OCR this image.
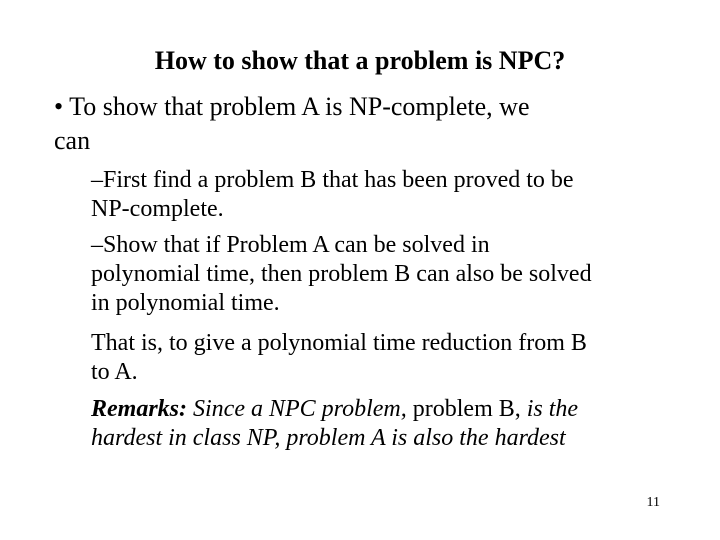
How to show that a problem is NPC?
• To show that problem A is NP-complete, we
can
–First find a problem B that has been proved to be
NP-complete.
–Show that if Problem A can be solved in
polynomial time, then problem B can also be solved
in polynomial time.
That is, to give a polynomial time reduction from B
to A.
Remarks: Since a NPC problem, problem B, is the
hardest in class NP, problem A is also the hardest
11
